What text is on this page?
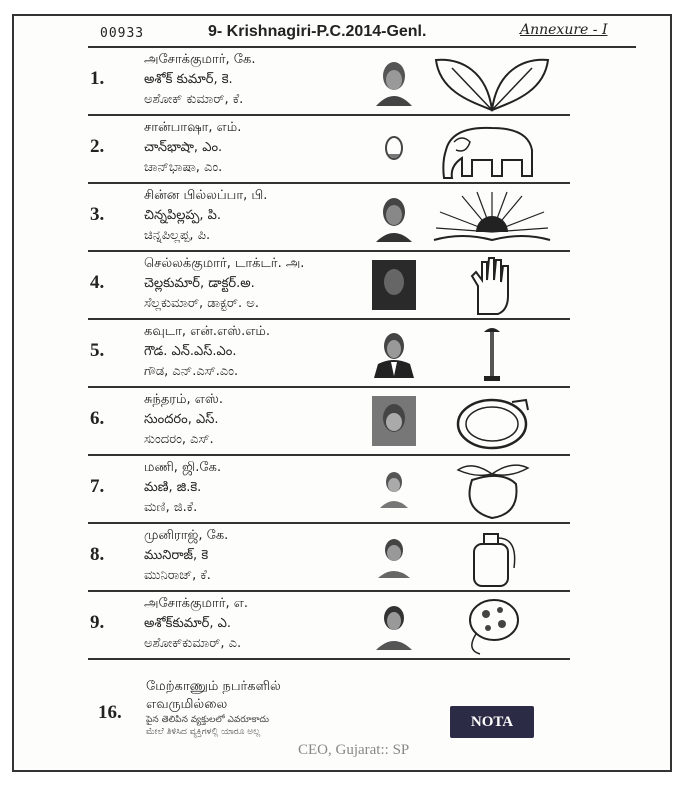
00933	9- Krishnagiri-P.C.2014-Genl.	Annexure - I
1.
அசோக்குமார், கே.
అశోక్ కుమార్, కె.
ಅಶೋಕ್ ಕುಮಾರ್, ಕೆ.
2.
சான்பாஷா, எம்.
చాన్‌భాషా, ఎం.
ಚಾನ್‌ಭಾಷಾ, ಎಂ.
3.
சின்ன பில்லப்பா, பி.
చిన్నపిల్లప్ప, పి.
ಚಿನ್ನಪಿಲ್ಲಪ್ಪ, ಪಿ.
4.
செல்லக்குமார், டாக்டர். அ.
చెల్లకుమార్, డాక్టర్.అ.
ಸೆಲ್ಲಕುಮಾರ್, ಡಾಕ್ಟರ್. ಅ.
5.
கவுடா, என்.எஸ்.எம்.
గౌడ. ఎన్.ఎస్.ఎం.
ಗೌಡ, ಎನ್.ಎಸ್.ಎಂ.
6.
சுந்தரம், எஸ்.
సుందరం, ఎస్.
ಸುಂದರಂ, ಎಸ್.
7.
மணி, ஜி.கே.
మణి, జి.కె.
ಮಣಿ, ಜಿ.ಕೆ.
8.
முனிராஜ், கே.
మునిరాజ్, కె
ಮುನಿರಾಜ್, ಕೆ.
9.
அசோக்குமார், எ.
అశోక్‌కుమార్, ఎ.
ಅಶೋಕ್‌ಕುಮಾರ್, ಎ.
16.
மேற்காணும் நபர்களில்
எவருமில்லை
పైన తెలిపిన వ్యక్తులలో ఎవరూకాదు
ಮೇಲೆ ತಿಳಿಸಿದ ವ್ಯಕ್ತಿಗಳಲ್ಲಿ ಯಾರೂ ಅಲ್ಲ
NOTA
CEO, Gujarat:: SP
